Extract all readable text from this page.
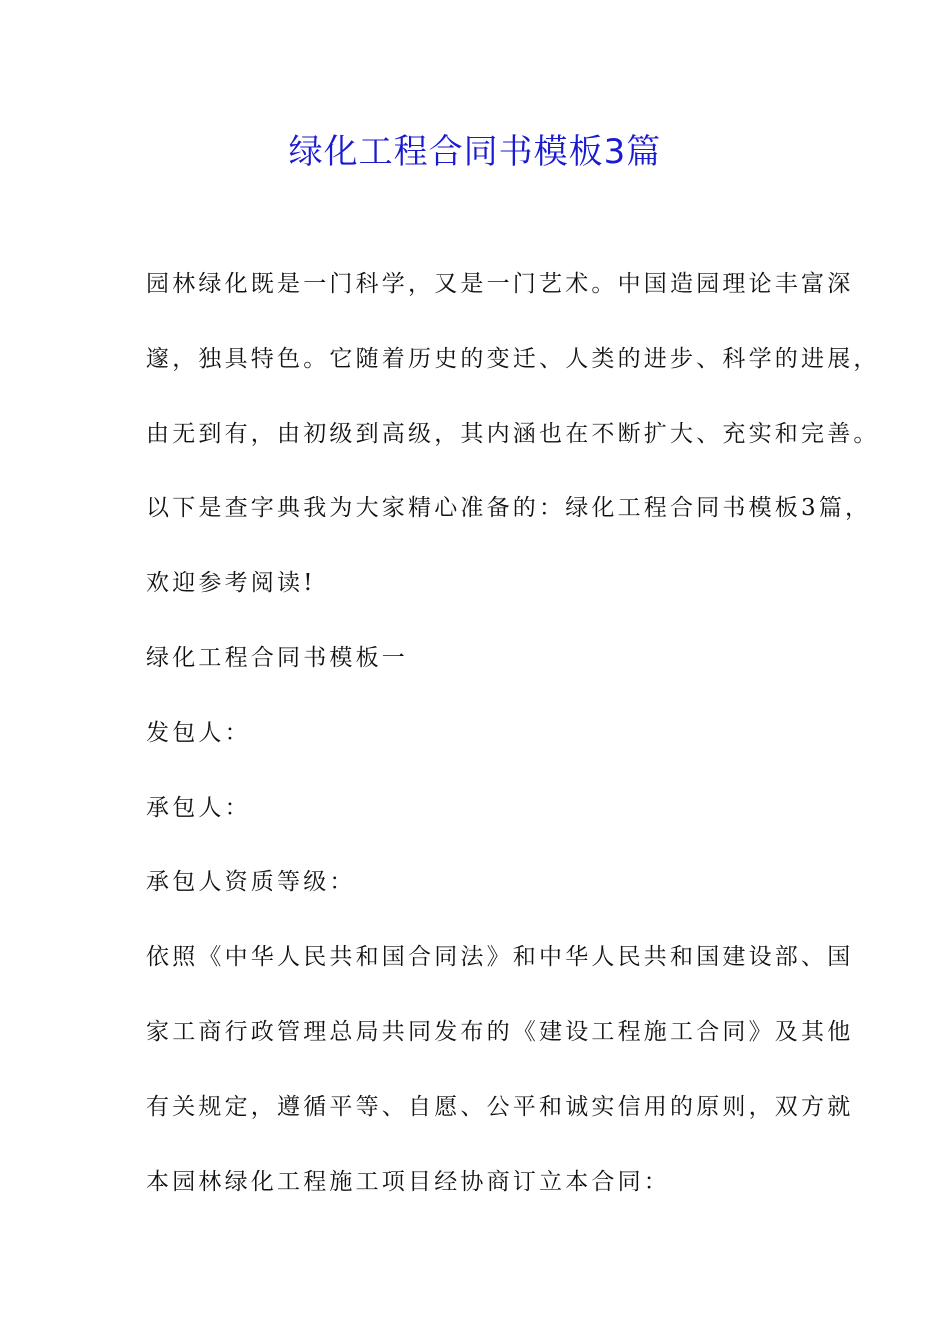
绿化工程合同书模板3篇
园林绿化既是一门科学，又是一门艺术。中国造园理论丰富深
邃，独具特色。它随着历史的变迁、人类的进步、科学的进展，
由无到有，由初级到高级，其内涵也在不断扩大、充实和完善。
以下是查字典我为大家精心准备的：绿化工程合同书模板3篇，
欢迎参考阅读!
绿化工程合同书模板一
发包人：
承包人：
承包人资质等级：
依照《中华人民共和国合同法》和中华人民共和国建设部、国
家工商行政管理总局共同发布的《建设工程施工合同》及其他
有关规定，遵循平等、自愿、公平和诚实信用的原则，双方就
本园林绿化工程施工项目经协商订立本合同：
